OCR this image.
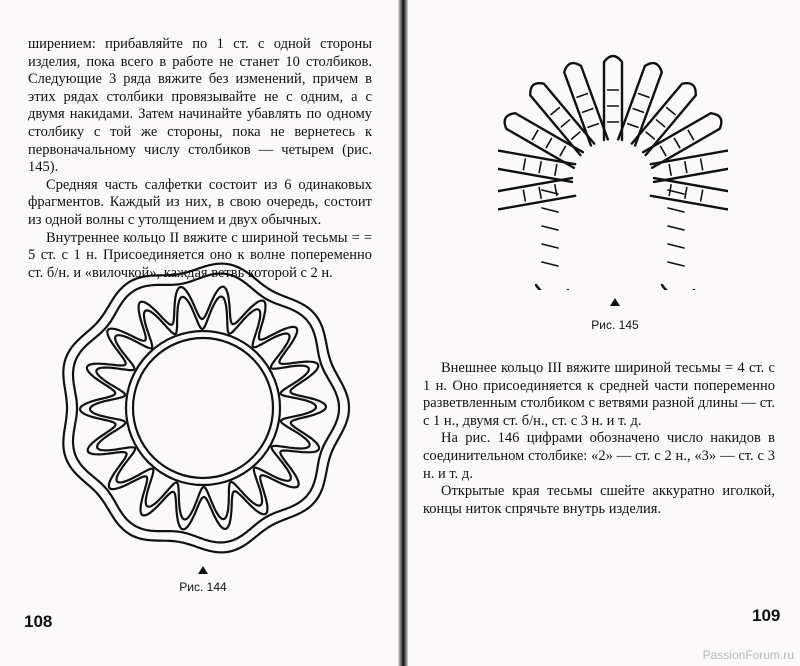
ширением: прибавляйте по 1 ст. с одной стороны изделия, пока всего в работе не станет 10 столбиков. Следующие 3 ряда вяжите без изменений, причем в этих рядах столбики провязывайте не с одним, а с двумя накидами. Затем начинайте убавлять по одному столбику с той же стороны, пока не вернетесь к первоначальному числу столбиков — четырем (рис. 145).

Средняя часть салфетки состоит из 6 одинаковых фрагментов. Каждый из них, в свою очередь, состоит из одной волны с утолщением и двух обычных.

Внутреннее кольцо II вяжите с шириной тесьмы = = 5 ст. с 1 н. Присоединяется оно к волне попеременно ст. б/н. и «вилочкой», каждая ветвь которой с 2 н.

Рис. 144
108
Рис. 145

Внешнее кольцо III вяжите шириной тесьмы = 4 ст. с 1 н. Оно присоединяется к средней части попеременно разветвленным столбиком с ветвями разной длины — ст. с 1 н., двумя ст. б/н., ст. с 3 н. и т. д.

На рис. 146 цифрами обозначено число накидов в соединительном столбике: «2» — ст. с 2 н., «3» — ст. с 3 н. и т. д.

Открытые края тесьмы сшейте аккуратно иголкой, концы ниток спрячьте внутрь изделия.

109
PassionForum.ru
